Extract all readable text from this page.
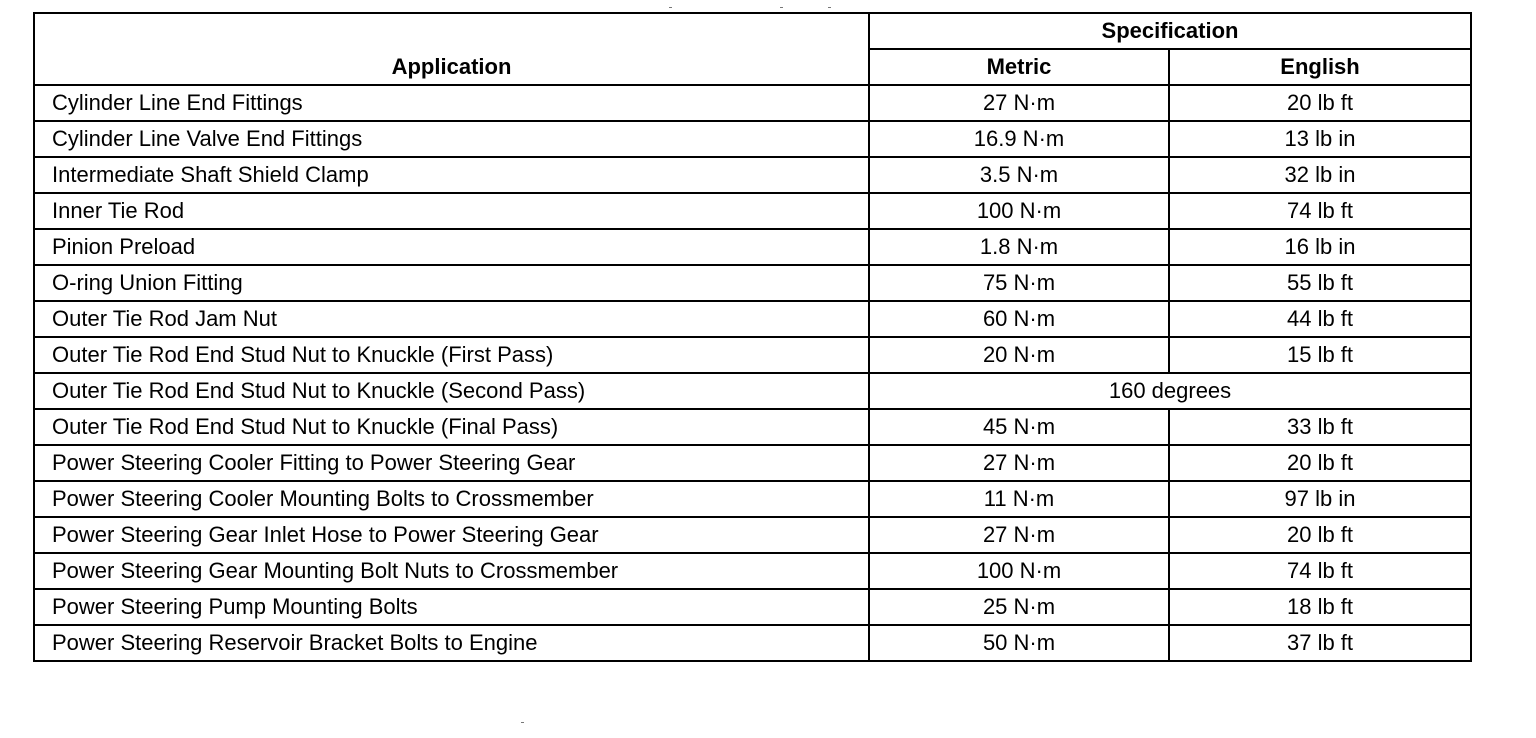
Application	Specification	
	Metric	English
Cylinder Line End Fittings	27 N·m	20 lb ft
Cylinder Line Valve End Fittings	16.9 N·m	13 lb in
Intermediate Shaft Shield Clamp	3.5 N·m	32 lb in
Inner Tie Rod	100 N·m	74 lb ft
Pinion Preload	1.8 N·m	16 lb in
O-ring Union Fitting	75 N·m	55 lb ft
Outer Tie Rod Jam Nut	60 N·m	44 lb ft
Outer Tie Rod End Stud Nut to Knuckle (First Pass)	20 N·m	15 lb ft
Outer Tie Rod End Stud Nut to Knuckle (Second Pass)	160 degrees	
Outer Tie Rod End Stud Nut to Knuckle (Final Pass)	45 N·m	33 lb ft
Power Steering Cooler Fitting to Power Steering Gear	27 N·m	20 lb ft
Power Steering Cooler Mounting Bolts to Crossmember	11 N·m	97 lb in
Power Steering Gear Inlet Hose to Power Steering Gear	27 N·m	20 lb ft
Power Steering Gear Mounting Bolt Nuts to Crossmember	100 N·m	74 lb ft
Power Steering Pump Mounting Bolts	25 N·m	18 lb ft
Power Steering Reservoir Bracket Bolts to Engine	50 N·m	37 lb ft
